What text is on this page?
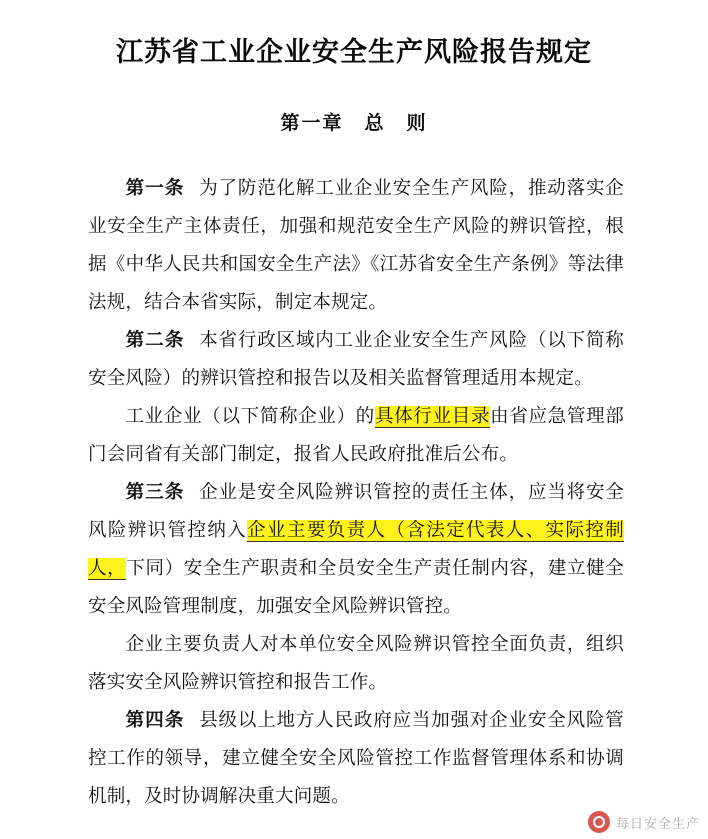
江苏省工业企业安全生产风险报告规定
第一章　总　则

第一条 为了防范化解工业企业安全生产风险，推动落实企业安全生产主体责任，加强和规范安全生产风险的辨识管控，根据《中华人民共和国安全生产法》《江苏省安全生产条例》等法律法规，结合本省实际，制定本规定。

第二条 本省行政区域内工业企业安全生产风险（以下简称安全风险）的辨识管控和报告以及相关监督管理适用本规定。

工业企业（以下简称企业）的具体行业目录由省应急管理部门会同省有关部门制定，报省人民政府批准后公布。

第三条 企业是安全风险辨识管控的责任主体，应当将安全风险辨识管控纳入企业主要负责人（含法定代表人、实际控制人，下同）安全生产职责和全员安全生产责任制内容，建立健全安全风险管理制度，加强安全风险辨识管控。

企业主要负责人对本单位安全风险辨识管控全面负责，组织落实安全风险辨识管控和报告工作。

第四条 县级以上地方人民政府应当加强对企业安全风险管控工作的领导，建立健全安全风险管控工作监督管理体系和协调机制，及时协调解决重大问题。

每日安全生产
